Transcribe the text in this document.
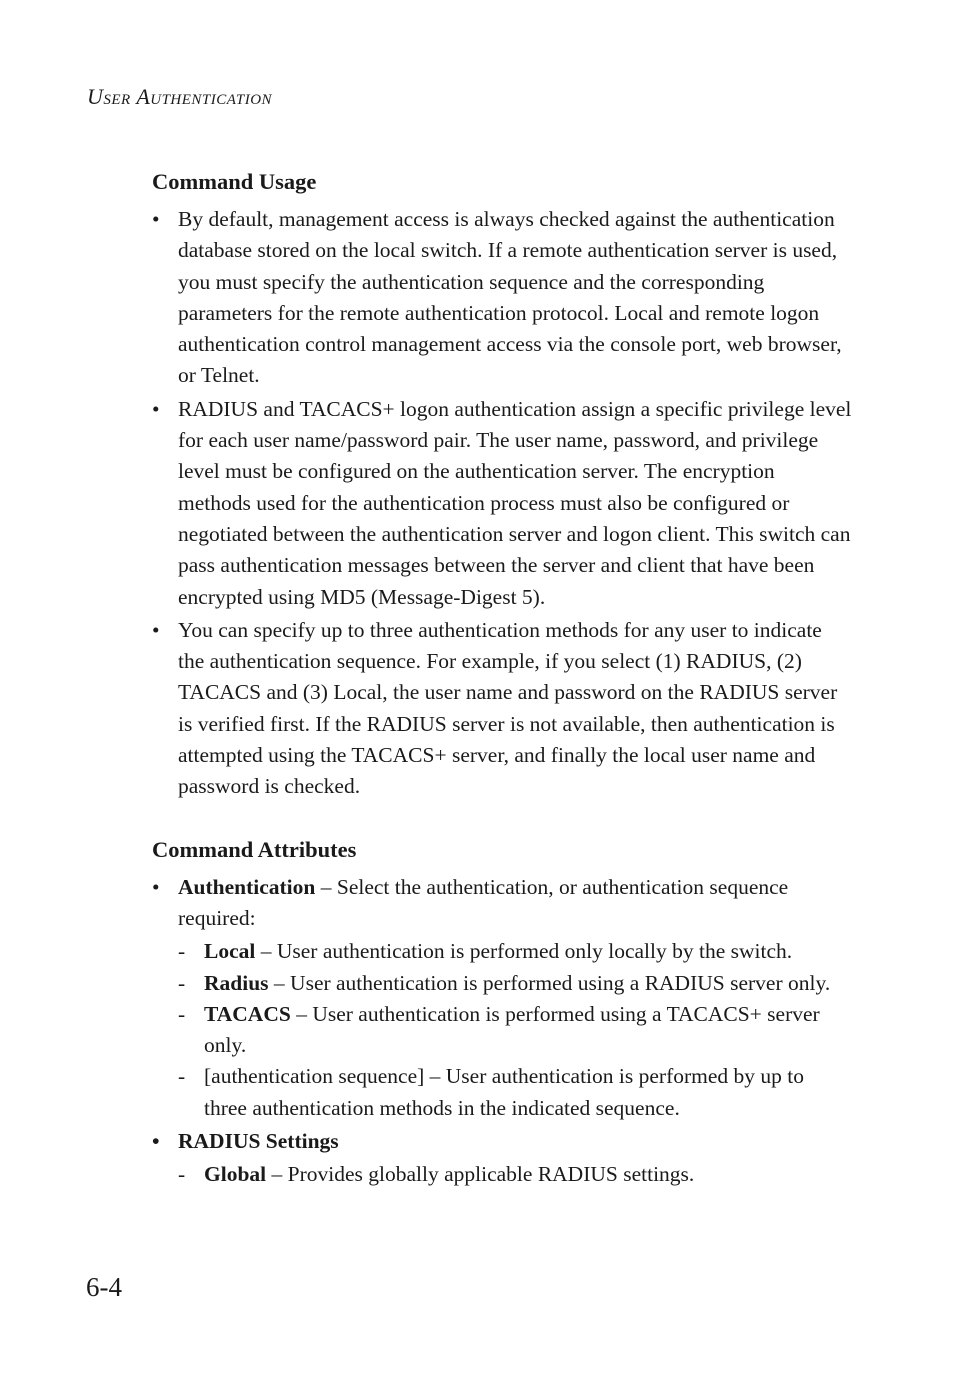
User Authentication
Command Usage
• By default, management access is always checked against the authentication database stored on the local switch. If a remote authentication server is used, you must specify the authentication sequence and the corresponding parameters for the remote authentication protocol. Local and remote logon authentication control management access via the console port, web browser, or Telnet.
• RADIUS and TACACS+ logon authentication assign a specific privilege level for each user name/password pair. The user name, password, and privilege level must be configured on the authentication server. The encryption methods used for the authentication process must also be configured or negotiated between the authentication server and logon client. This switch can pass authentication messages between the server and client that have been encrypted using MD5 (Message-Digest 5).
• You can specify up to three authentication methods for any user to indicate the authentication sequence. For example, if you select (1) RADIUS, (2) TACACS and (3) Local, the user name and password on the RADIUS server is verified first. If the RADIUS server is not available, then authentication is attempted using the TACACS+ server, and finally the local user name and password is checked.
Command Attributes
• Authentication – Select the authentication, or authentication sequence required:
- Local – User authentication is performed only locally by the switch.
- Radius – User authentication is performed using a RADIUS server only.
- TACACS – User authentication is performed using a TACACS+ server only.
- [authentication sequence] – User authentication is performed by up to three authentication methods in the indicated sequence.
• RADIUS Settings
- Global – Provides globally applicable RADIUS settings.
6-4
